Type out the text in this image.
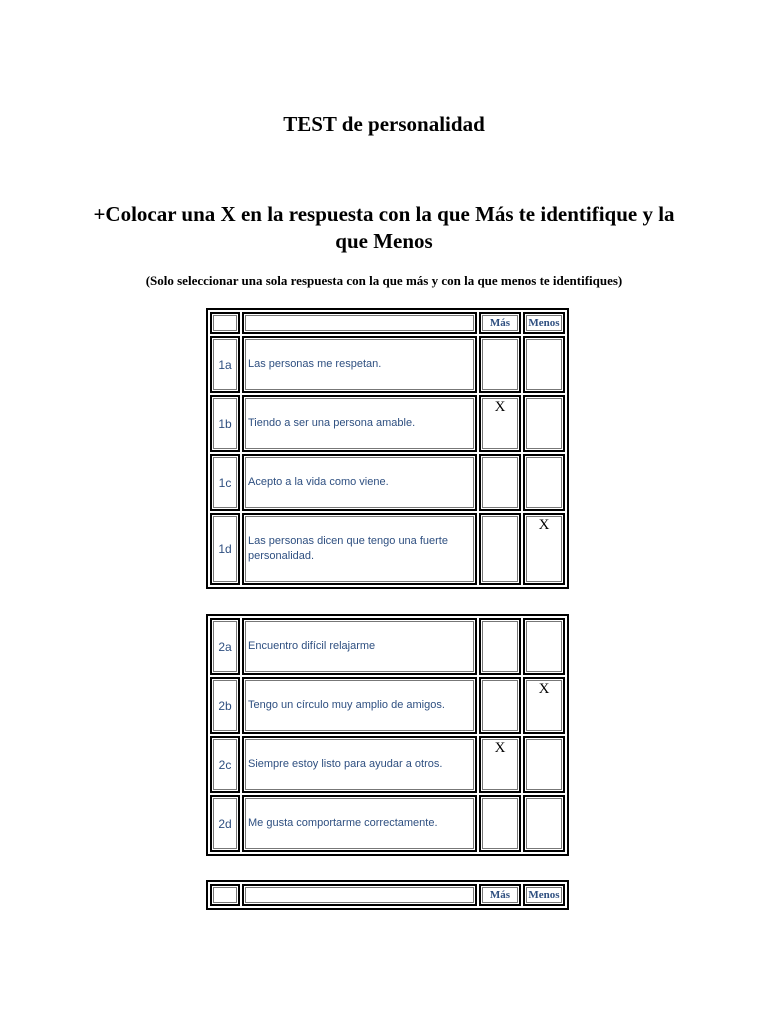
TEST de personalidad

+Colocar una X en la respuesta con la que Más te identifique y la que Menos

(Solo seleccionar una sola respuesta con la que más y con la que menos te identifiques)

		Más	Menos
1a	Las personas me respetan.		
1b	Tiendo a ser una persona amable.	X	
1c	Acepto a la vida como viene.		
1d	Las personas dicen que tengo una fuerte personalidad.		X
2a	Encuentro difícil relajarme		
2b	Tengo un círculo muy amplio de amigos.		X
2c	Siempre estoy listo para ayudar a otros.	X	
2d	Me gusta comportarme correctamente.		
		Más	Menos
